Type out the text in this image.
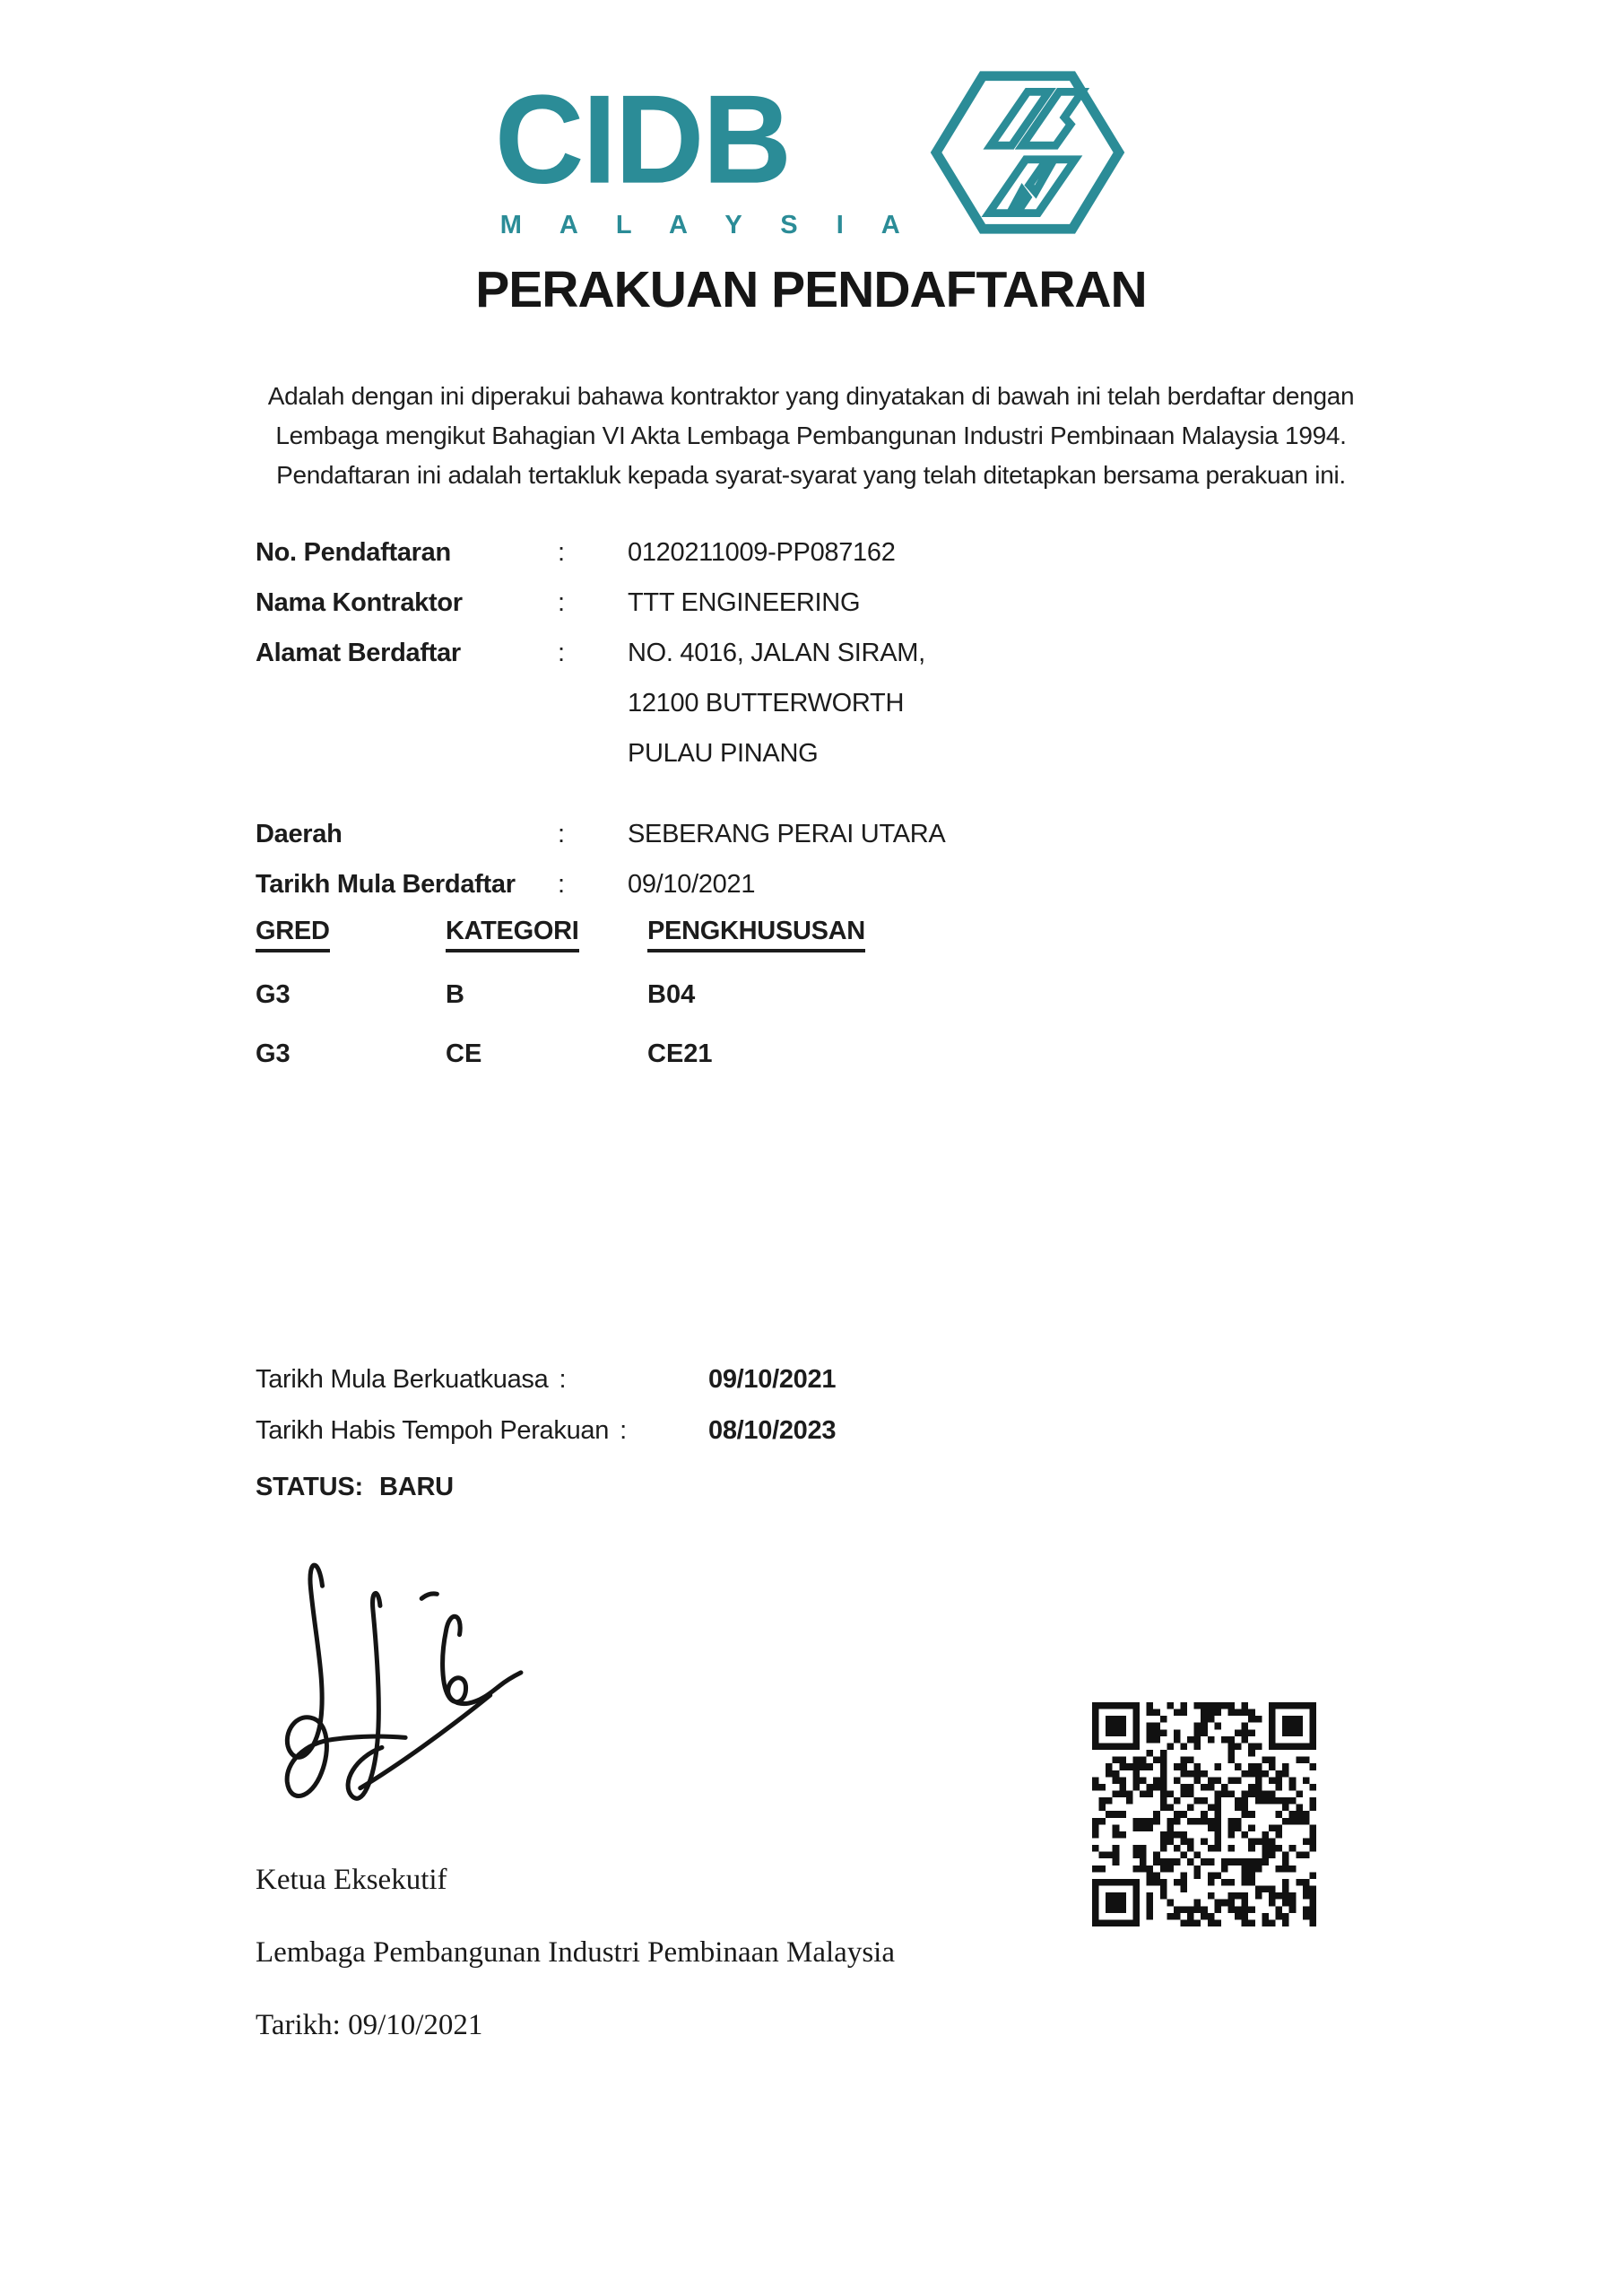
CIDB
M A L A Y S I A
PERAKUAN PENDAFTARAN
Adalah dengan ini diperakui bahawa kontraktor yang dinyatakan di bawah ini telah berdaftar dengan
Lembaga mengikut Bahagian VI Akta Lembaga Pembangunan Industri Pembinaan Malaysia 1994.
Pendaftaran ini adalah tertakluk kepada syarat-syarat yang telah ditetapkan bersama perakuan ini.
No. Pendaftaran	:	0120211009-PP087162
Nama Kontraktor	:	TTT ENGINEERING
Alamat Berdaftar	:	NO. 4016, JALAN SIRAM,
12100 BUTTERWORTH
PULAU PINANG
Daerah	:	SEBERANG PERAI UTARA
Tarikh Mula Berdaftar	:	09/10/2021
GRED	KATEGORI	PENGKHUSUSAN
G3	B	B04
G3	CE	CE21
Tarikh Mula Berkuatkuasa :	09/10/2021
Tarikh Habis Tempoh Perakuan :	08/10/2023
STATUS: BARU
Ketua Eksekutif
Lembaga Pembangunan Industri Pembinaan Malaysia
Tarikh: 09/10/2021
